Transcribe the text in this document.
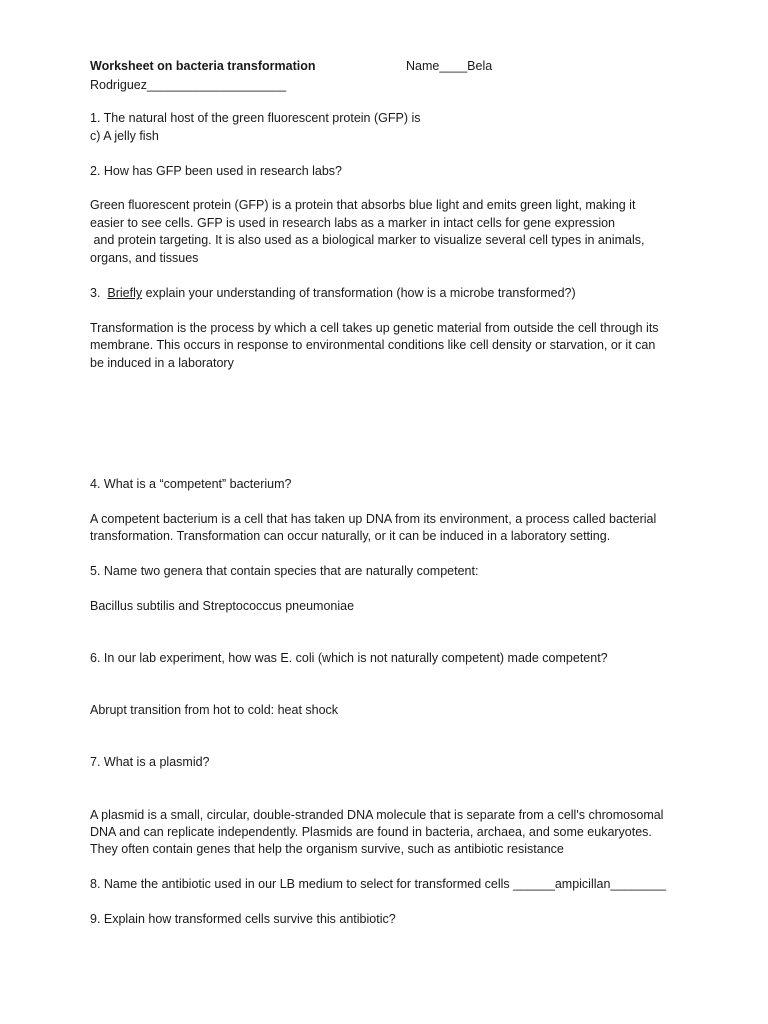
Worksheet on bacteria transformation	Name____Bela

Rodriguez____________________

1. The natural host of the green fluorescent protein (GFP) is

c) A jelly fish

2. How has GFP been used in research labs?

Green fluorescent protein (GFP) is a protein that absorbs blue light and emits green light, making it

easier to see cells. GFP is used in research labs as a marker in intact cells for gene expression

and protein targeting. It is also used as a biological marker to visualize several cell types in animals,

organs, and tissues

3.  Briefly explain your understanding of transformation (how is a microbe transformed?)

Transformation is the process by which a cell takes up genetic material from outside the cell through its

membrane. This occurs in response to environmental conditions like cell density or starvation, or it can

be induced in a laboratory

4. What is a “competent” bacterium?

A competent bacterium is a cell that has taken up DNA from its environment, a process called bacterial

transformation. Transformation can occur naturally, or it can be induced in a laboratory setting.

5. Name two genera that contain species that are naturally competent:

Bacillus subtilis and Streptococcus pneumoniae

6. In our lab experiment, how was E. coli (which is not naturally competent) made competent?

Abrupt transition from hot to cold: heat shock

7. What is a plasmid?

A plasmid is a small, circular, double-stranded DNA molecule that is separate from a cell's chromosomal

DNA and can replicate independently. Plasmids are found in bacteria, archaea, and some eukaryotes.

They often contain genes that help the organism survive, such as antibiotic resistance

8. Name the antibiotic used in our LB medium to select for transformed cells ______ampicillan________

9. Explain how transformed cells survive this antibiotic?
